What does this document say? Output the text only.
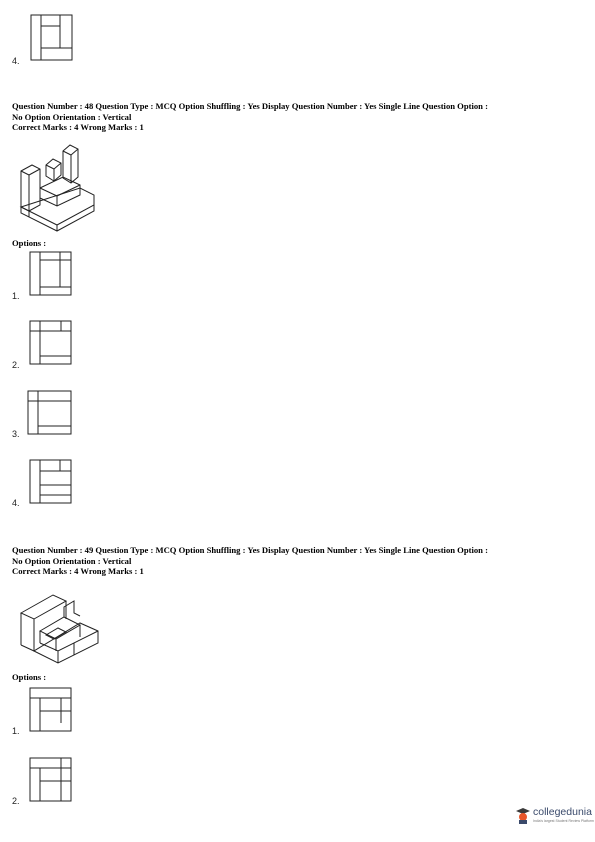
4.
Question Number : 48 Question Type : MCQ Option Shuffling : Yes Display Question Number : Yes Single Line Question Option :
No Option Orientation : Vertical
Correct Marks : 4 Wrong Marks : 1
Options :
1.
2.
3.
4.
Question Number : 49 Question Type : MCQ Option Shuffling : Yes Display Question Number : Yes Single Line Question Option :
No Option Orientation : Vertical
Correct Marks : 4 Wrong Marks : 1
Options :
1.
2.
collegedunia
India's largest Student Review Platform
